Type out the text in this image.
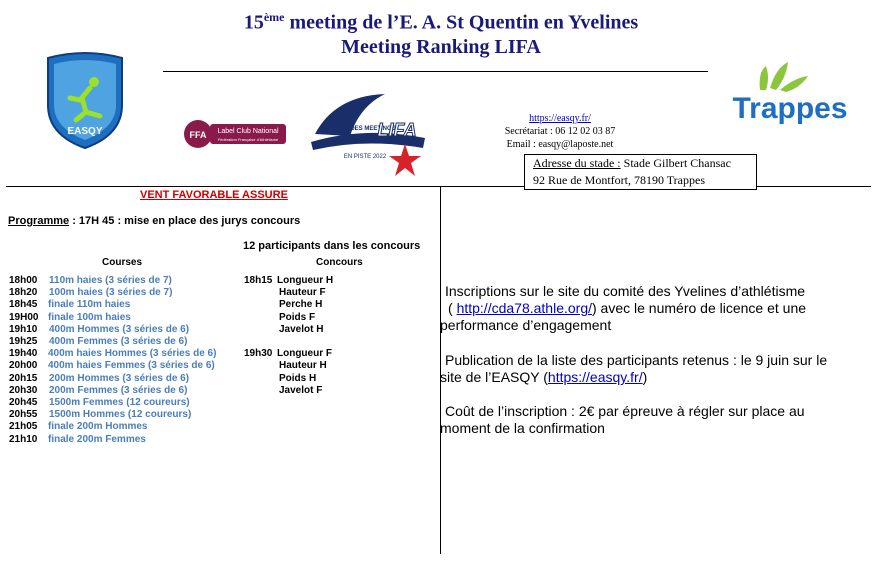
15ème meeting de l’E. A. St Quentin en Yvelines
Meeting Ranking LIFA
EASQY	FFA Label Club National
Fédération Française d'Athlétisme
CIRCUIT DES MEETINGS
LIFA
EN PISTE 2022
https://easqy.fr/
Secrétariat : 06 12 02 03 87
Email : easqy@laposte.net
Trappes
Adresse du stade : Stade Gilbert Chansac
92 Rue de Montfort, 78190 Trappes
VENT FAVORABLE ASSURE
Programme : 17H 45 : mise en place des jurys concours
12 participants dans les concours
Courses	Concours
18h00 110m haies (3 séries de 7)
18h20 100m haies (3 séries de 7)
18h45 finale 110m haies
19H00 finale 100m haies
19h10 400m Hommes (3 séries de 6)
19h25 400m Femmes (3 séries de 6)
19h40 400m haies Hommes (3 séries de 6)
20h00 400m haies Femmes (3 séries de 6)
20h15 200m Hommes (3 séries de 6)
20h30 200m Femmes (3 séries de 6)
20h45 1500m Femmes (12 coureurs)
20h55 1500m Hommes (12 coureurs)
21h05 finale 200m Hommes
21h10 finale 200m Femmes
18h15 Longueur H
Hauteur F
Perche H
Poids F
Javelot H
19h30 Longueur F
Hauteur H
Poids H
Javelot F

Inscriptions sur le site du comité des Yvelines d’athlétisme

( http://cda78.athle.org/) avec le numéro de licence et une

performance d’engagement

Publication de la liste des participants retenus : le 9 juin sur le

site de l’EASQY (https://easqy.fr/)

Coût de l’inscription : 2€ par épreuve à régler sur place au

moment de la confirmation
